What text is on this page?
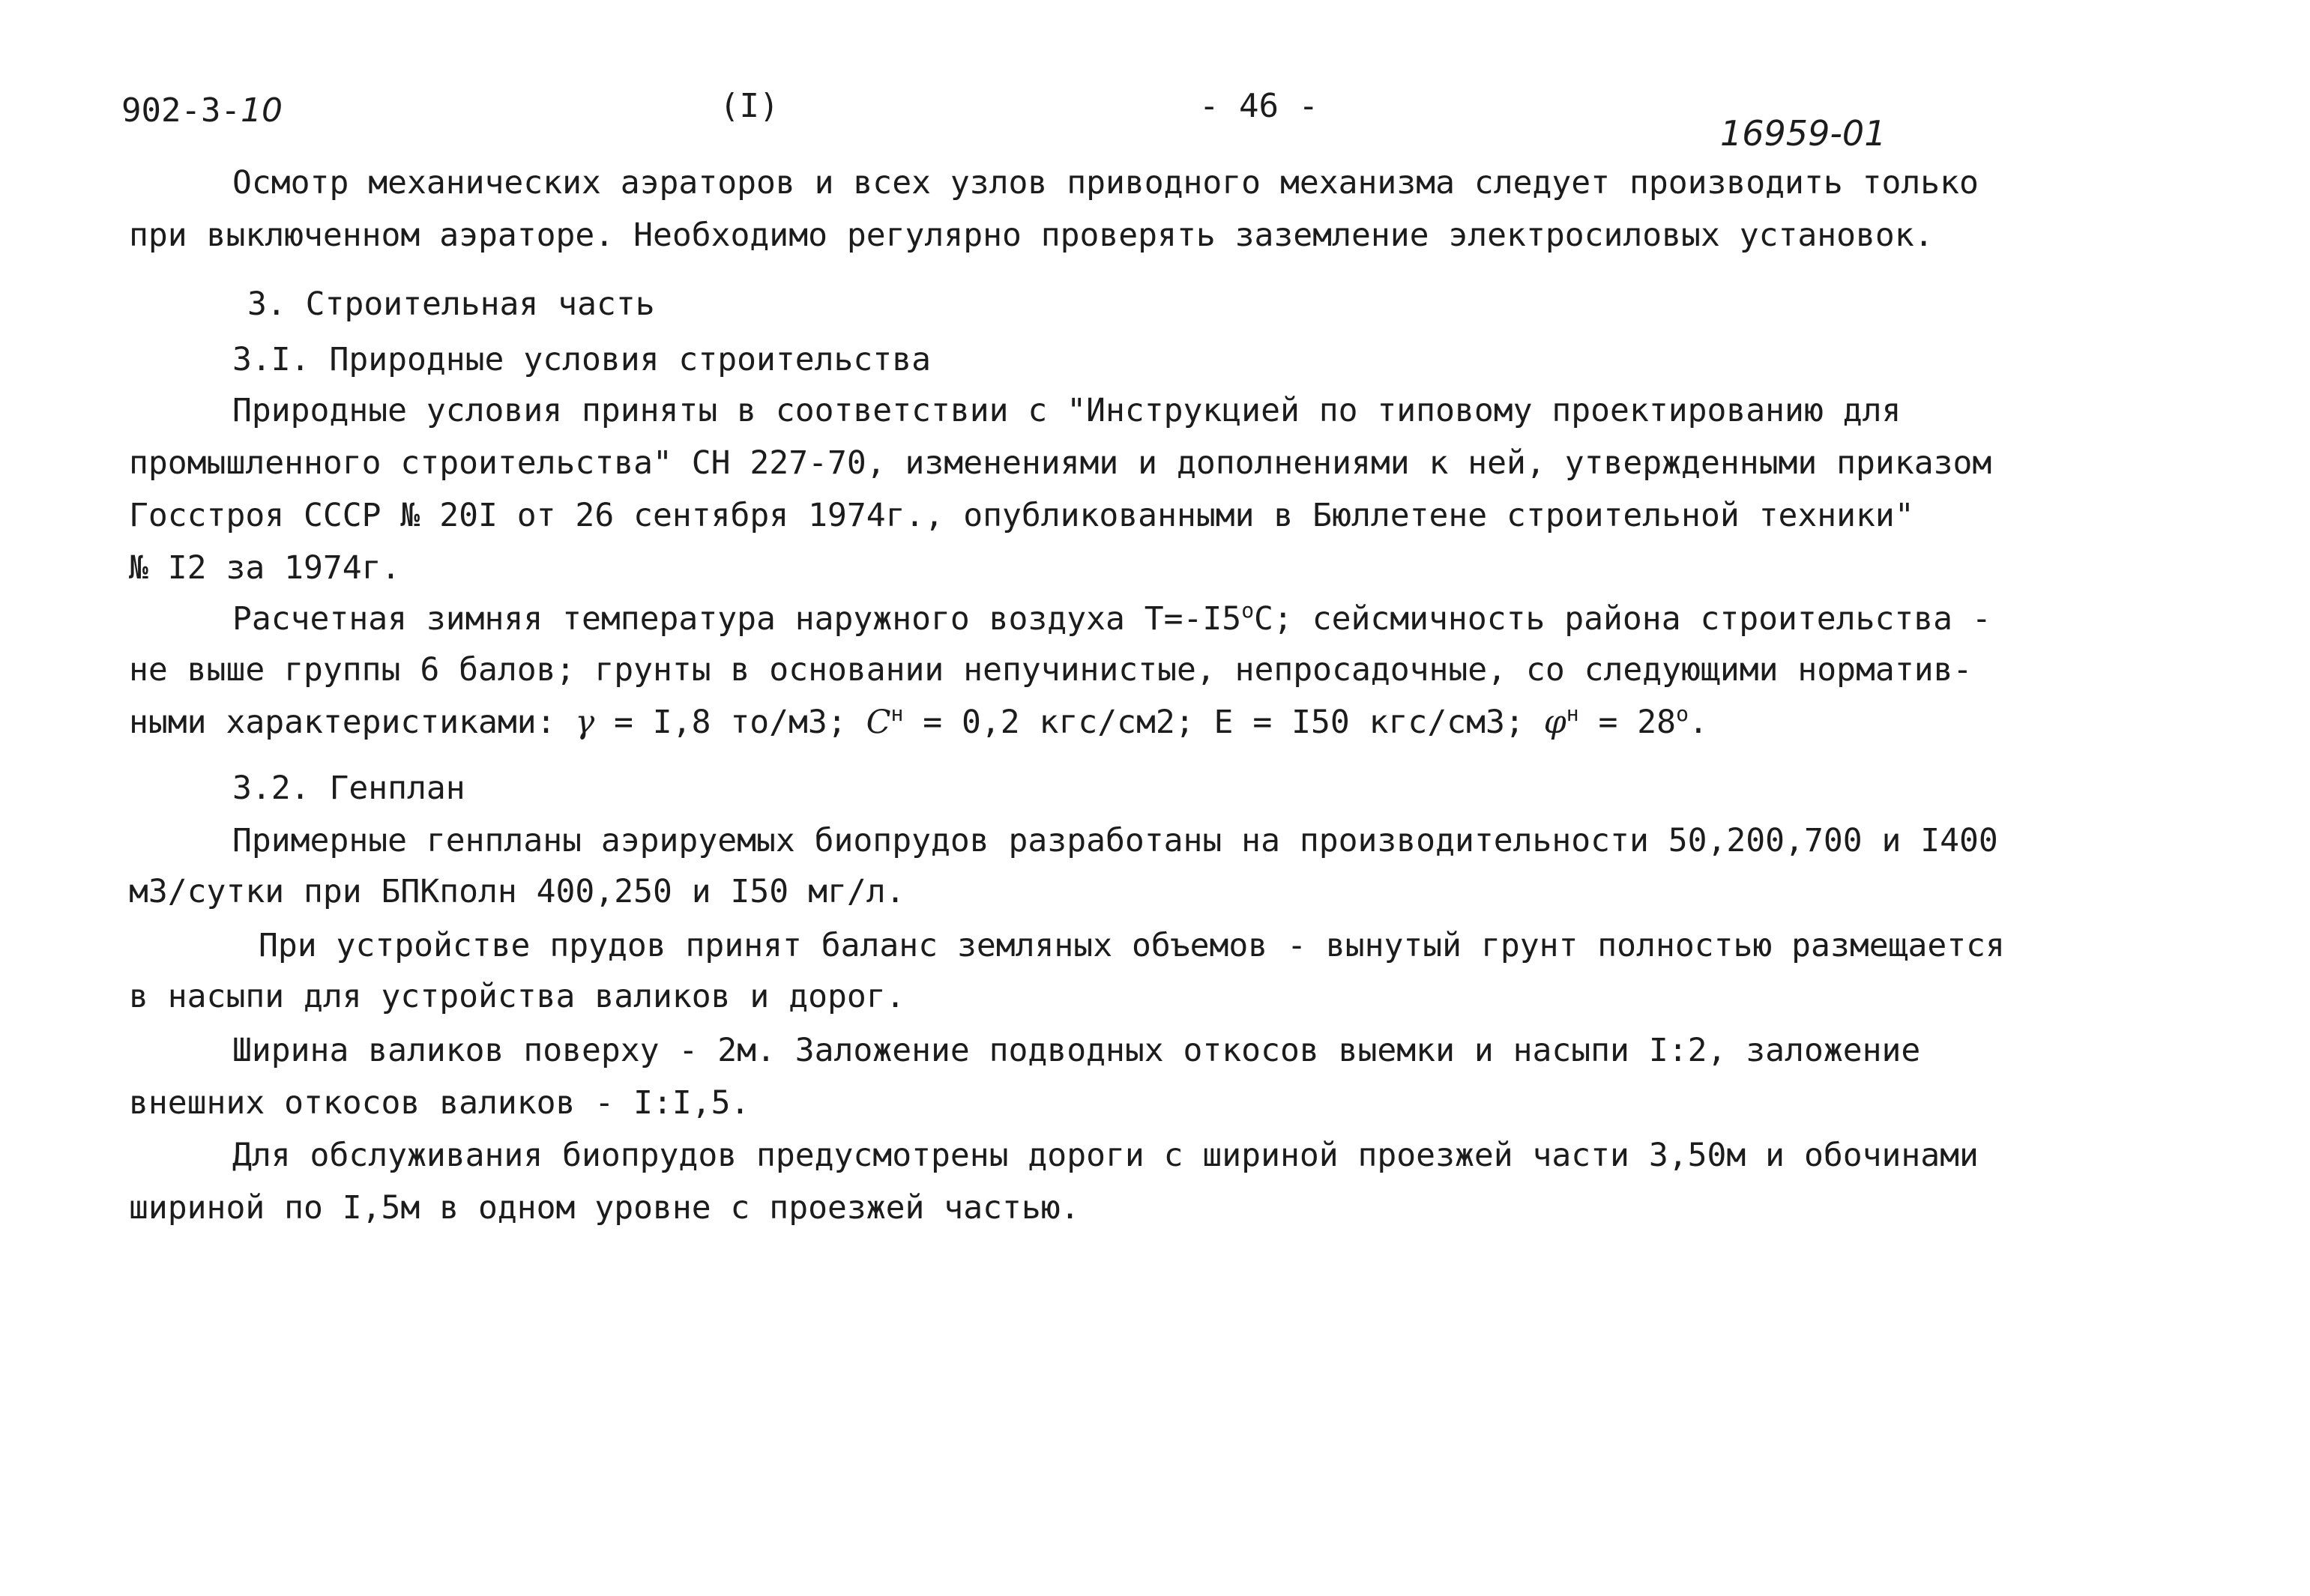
902-3-10	(I)	- 46 -
16959-01
Осмотр механических аэраторов и всех узлов приводного механизма следует производить только
при выключенном аэраторе. Необходимо регулярно проверять заземление электросиловых установок.
3. Строительная часть
3.I. Природные условия строительства
Природные условия приняты в соответствии с "Инструкцией по типовому проектированию для
промышленного строительства" СН 227-70, изменениями и дополнениями к ней, утвержденными приказом
Госстроя СССР № 20I от 26 сентября 1974г., опубликованными в Бюллетене строительной техники"
№ I2 за 1974г.
Расчетная зимняя температура наружного воздуха $Т=-I5^оС$; сейсмичность района строительства -
не выше группы 6 балов; грунты в основании непучинистые, непросадочные, со следующими норматив-
ными характеристиками: γ = I,8 то/м3; $C^н = 0,2$ кгс/см2; Е = I50 кгс/см3; $\varphi^н = 28^о$.
3.2. Генплан
Примерные генпланы аэрируемых биопрудов разработаны на производительности 50,200,700 и I400
м3/сутки при БПКполн 400,250 и I50 мг/л.
При устройстве прудов принят баланс земляных объемов - вынутый грунт полностью размещается
в насыпи для устройства валиков и дорог.
Ширина валиков поверху - 2м. Заложение подводных откосов выемки и насыпи I:2, заложение
внешних откосов валиков - I:I,5.
Для обслуживания биопрудов предусмотрены дороги с шириной проезжей части 3,50м и обочинами
шириной по I,5м в одном уровне с проезжей частью.
